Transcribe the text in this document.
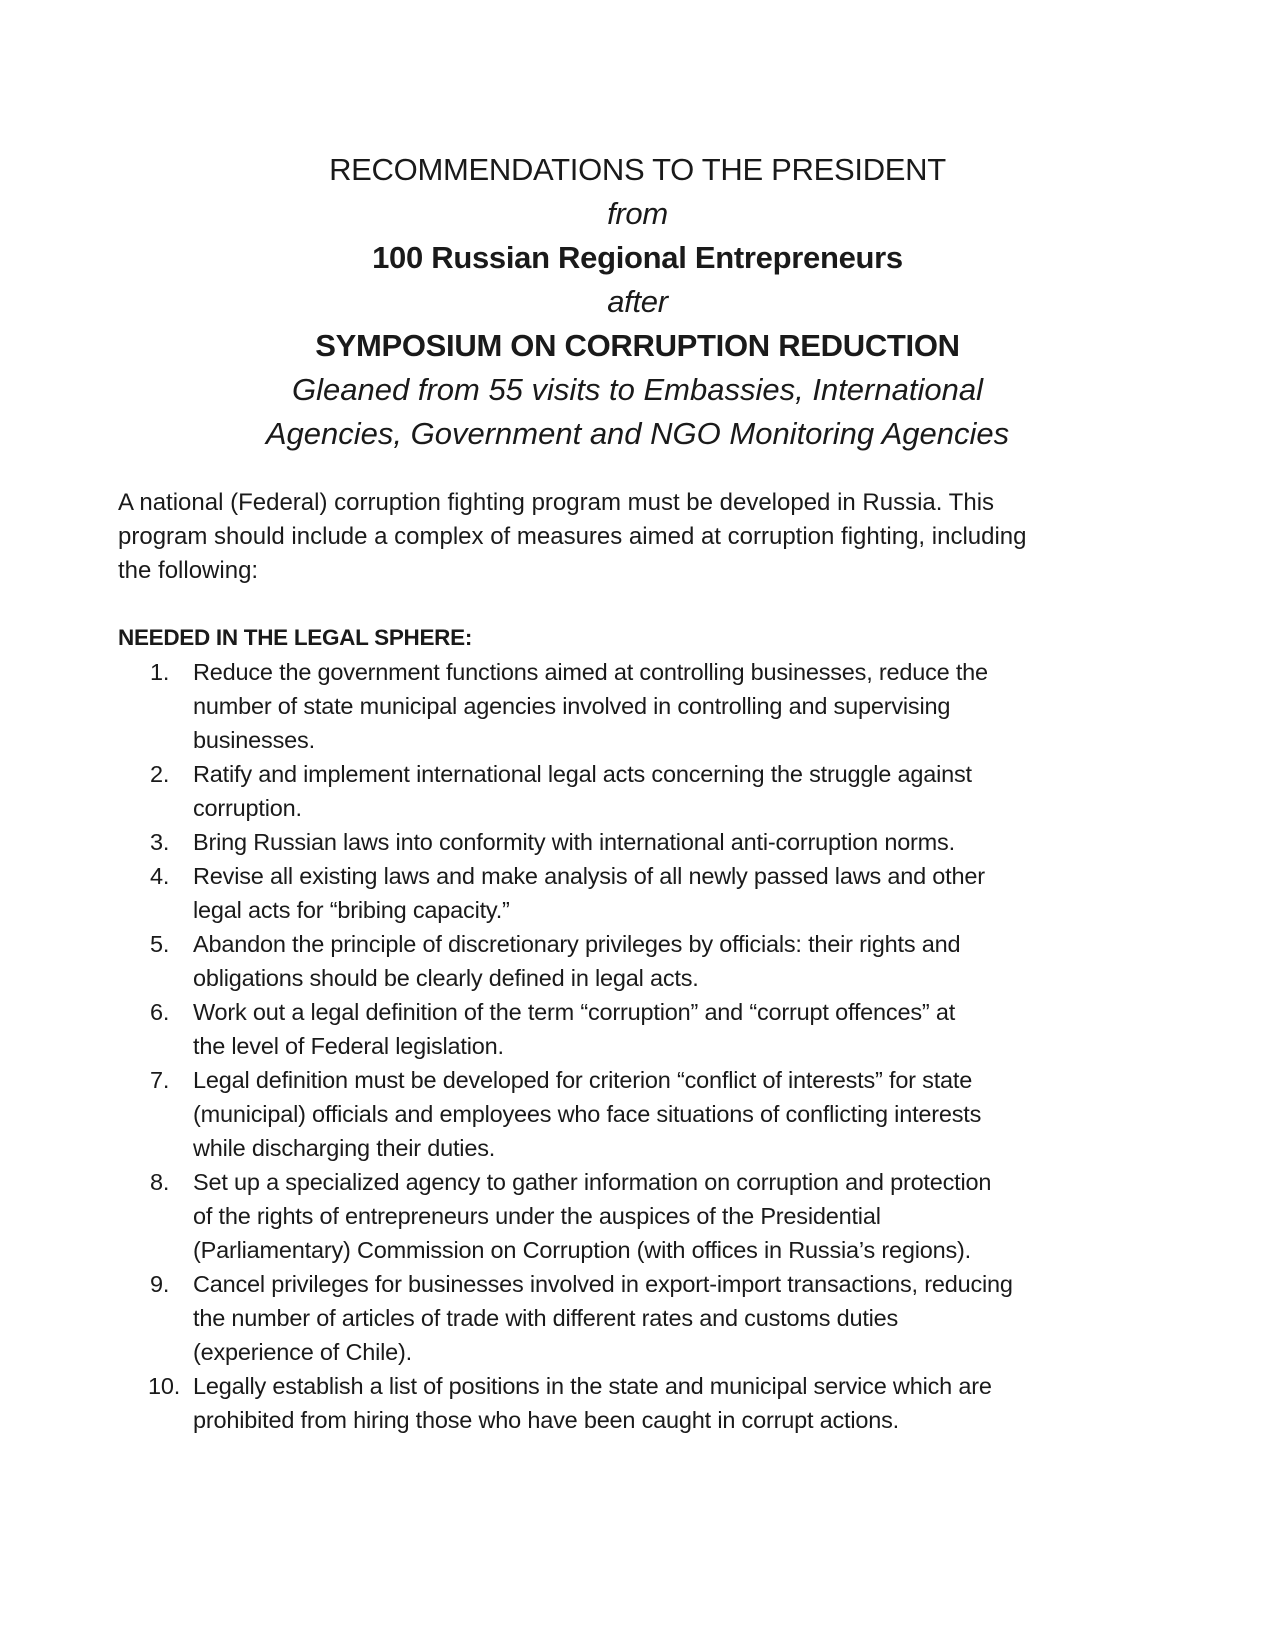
RECOMMENDATIONS TO THE PRESIDENT
from
100 Russian Regional Entrepreneurs
after
SYMPOSIUM ON CORRUPTION REDUCTION
Gleaned from 55 visits to Embassies, International
Agencies, Government and NGO Monitoring Agencies
A national (Federal) corruption fighting program must be developed in Russia. This
program should include a complex of measures aimed at corruption fighting, including
the following:
NEEDED IN THE LEGAL SPHERE:
1. Reduce the government functions aimed at controlling businesses, reduce the
number of state municipal agencies involved in controlling and supervising
businesses.
2. Ratify and implement international legal acts concerning the struggle against
corruption.
3. Bring Russian laws into conformity with international anti-corruption norms.
4. Revise all existing laws and make analysis of all newly passed laws and other
legal acts for “bribing capacity.”
5. Abandon the principle of discretionary privileges by officials: their rights and
obligations should be clearly defined in legal acts.
6. Work out a legal definition of the term “corruption” and “corrupt offences” at
the level of Federal legislation.
7. Legal definition must be developed for criterion “conflict of interests” for state
(municipal) officials and employees who face situations of conflicting interests
while discharging their duties.
8. Set up a specialized agency to gather information on corruption and protection
of the rights of entrepreneurs under the auspices of the Presidential
(Parliamentary) Commission on Corruption (with offices in Russia’s regions).
9. Cancel privileges for businesses involved in export-import transactions, reducing
the number of articles of trade with different rates and customs duties
(experience of Chile).
10. Legally establish a list of positions in the state and municipal service which are
prohibited from hiring those who have been caught in corrupt actions.
